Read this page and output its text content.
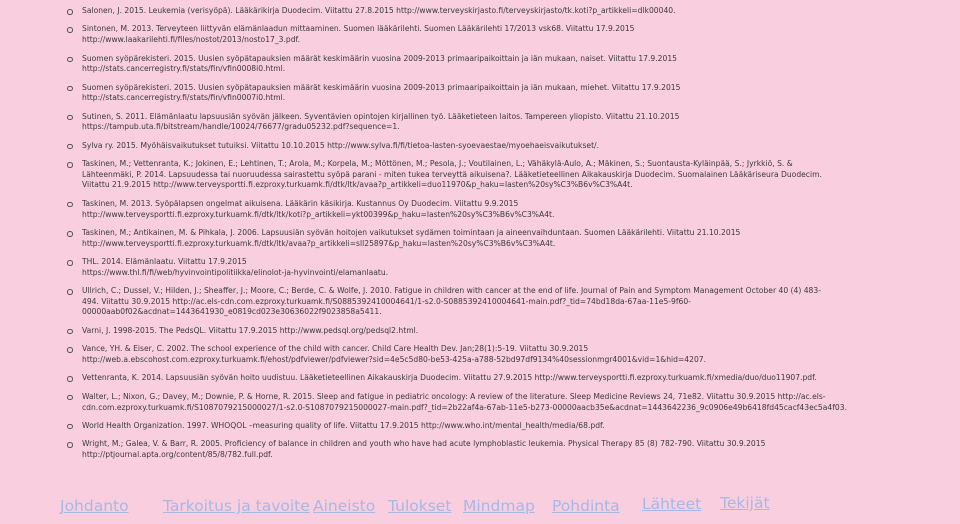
Salonen, J. 2015. Leukemia (verisyöpä). Lääkärikirja Duodecim. Viitattu 27.8.2015 http://www.terveyskirjasto.fi/terveyskirjasto/tk.koti?p_artikkeli=dlk00040.
Sintonen, M. 2013. Terveyteen liittyvän elämänlaadun mittaaminen. Suomen lääkärilehti. Suomen Lääkärilehti 17/2013 vsk68. Viitattu 17.9.2015
http://www.laakarilehti.fi/files/nostot/2013/nosto17_3.pdf.
Suomen syöpärekisteri. 2015. Uusien syöpätapauksien määrät keskimäärin vuosina 2009-2013 primaaripaikoittain ja iän mukaan, naiset. Viitattu 17.9.2015
http://stats.cancerregistry.fi/stats/fin/vfin0008i0.html.
Suomen syöpärekisteri. 2015. Uusien syöpätapauksien määrät keskimäärin vuosina 2009-2013 primaaripaikoittain ja iän mukaan, miehet. Viitattu 17.9.2015
http://stats.cancerregistry.fi/stats/fin/vfin0007i0.html.
Sutinen, S. 2011. Elämänlaatu lapsuusiän syövän jälkeen. Syventävien opintojen kirjallinen työ. Lääketieteen laitos. Tampereen yliopisto. Viitattu 21.10.2015
https://tampub.uta.fi/bitstream/handle/10024/76677/gradu05232.pdf?sequence=1.
Sylva ry. 2015. Myöhäisvaikutukset tutuiksi. Viitattu 10.10.2015 http://www.sylva.fi/fi/tietoa-lasten-syoevaestae/myoehaeisvaikutukset/.
Taskinen, M.; Vettenranta, K.; Jokinen, E.; Lehtinen, T.; Arola, M.; Korpela, M.; Möttönen, M.; Pesola, J.; Voutilainen, L.; Vähäkylä-Aulo, A.; Mäkinen, S.; Suontausta-Kyläinpää, S.; Jyrkkiö, S. &
Lähteenmäki, P. 2014. Lapsuudessa tai nuoruudessa sairastettu syöpä parani - miten tukea terveyttä aikuisena?. Lääketieteellinen Aikakauskirja Duodecim. Suomalainen Lääkäriseura Duodecim.
Viitattu 21.9.2015 http://www.terveysportti.fi.ezproxy.turkuamk.fi/dtk/ltk/avaa?p_artikkeli=duo11970&p_haku=lasten%20sy%C3%B6v%C3%A4t.
Taskinen, M. 2013. Syöpälapsen ongelmat aikuisena. Lääkärin käsikirja. Kustannus Oy Duodecim. Viitattu 9.9.2015
http://www.terveysportti.fi.ezproxy.turkuamk.fi/dtk/ltk/koti?p_artikkeli=ykt00399&p_haku=lasten%20sy%C3%B6v%C3%A4t.
Taskinen, M.; Antikainen, M. & Pihkala, J. 2006. Lapsuusiän syövän hoitojen vaikutukset sydämen toimintaan ja aineenvaihduntaan. Suomen Lääkärilehti. Viitattu 21.10.2015
http://www.terveysportti.fi.ezproxy.turkuamk.fi/dtk/ltk/avaa?p_artikkeli=sll25897&p_haku=lasten%20sy%C3%B6v%C3%A4t.
THL. 2014. Elämänlaatu. Viitattu 17.9.2015
https://www.thl.fi/fi/web/hyvinvointipolitiikka/elinolot-ja-hyvinvointi/elamanlaatu.
Ullrich, C.; Dussel, V.; Hilden, J.; Sheaffer, J.; Moore, C.; Berde, C. & Wolfe, J. 2010. Fatigue in children with cancer at the end of life. Journal of Pain and Symptom Management October 40 (4) 483-
494. Viitattu 30.9.2015 http://ac.els-cdn.com.ezproxy.turkuamk.fi/S0885392410004641/1-s2.0-S0885392410004641-main.pdf?_tid=74bd18da-67aa-11e5-9f60-
00000aab0f02&acdnat=1443641930_e0819cd023e30636022f9023858a5411.
Varni, J. 1998-2015. The PedsQL. Viitattu 17.9.2015 http://www.pedsql.org/pedsql2.html.
Vance, YH. & Eiser, C. 2002. The school experience of the child with cancer. Child Care Health Dev. Jan;28(1):5-19. Viitattu 30.9.2015
http://web.a.ebscohost.com.ezproxy.turkuamk.fi/ehost/pdfviewer/pdfviewer?sid=4e5c5d80-be53-425a-a788-52bd97df9134%40sessionmgr4001&vid=1&hid=4207.
Vettenranta, K. 2014. Lapsuusiän syövän hoito uudistuu. Lääketieteellinen Aikakauskirja Duodecim. Viitattu 27.9.2015 http://www.terveysportti.fi.ezproxy.turkuamk.fi/xmedia/duo/duo11907.pdf.
Walter, L.; Nixon, G.; Davey, M.; Downie, P. & Horne, R. 2015. Sleep and fatigue in pediatric oncology: A review of the literature. Sleep Medicine Reviews 24, 71e82. Viitattu 30.9.2015 http://ac.els-
cdn.com.ezproxy.turkuamk.fi/S1087079215000027/1-s2.0-S1087079215000027-main.pdf?_tid=2b22af4a-67ab-11e5-b273-00000aacb35e&acdnat=1443642236_9c0906e49b6418fd45cacf43ec5a4f03.
World Health Organization. 1997. WHOQOL –measuring quality of life. Viitattu 17.9.2015 http://www.who.int/mental_health/media/68.pdf.
Wright, M.; Galea, V. & Barr, R. 2005. Proficiency of balance in children and youth who have had acute lymphoblastic leukemia. Physical Therapy 85 (8) 782-790. Viitattu 30.9.2015
http://ptjournal.apta.org/content/85/8/782.full.pdf.
Johdanto Tarkoitus ja tavoite Aineisto Tulokset Mindmap Pohdinta Lähteet Tekijät
